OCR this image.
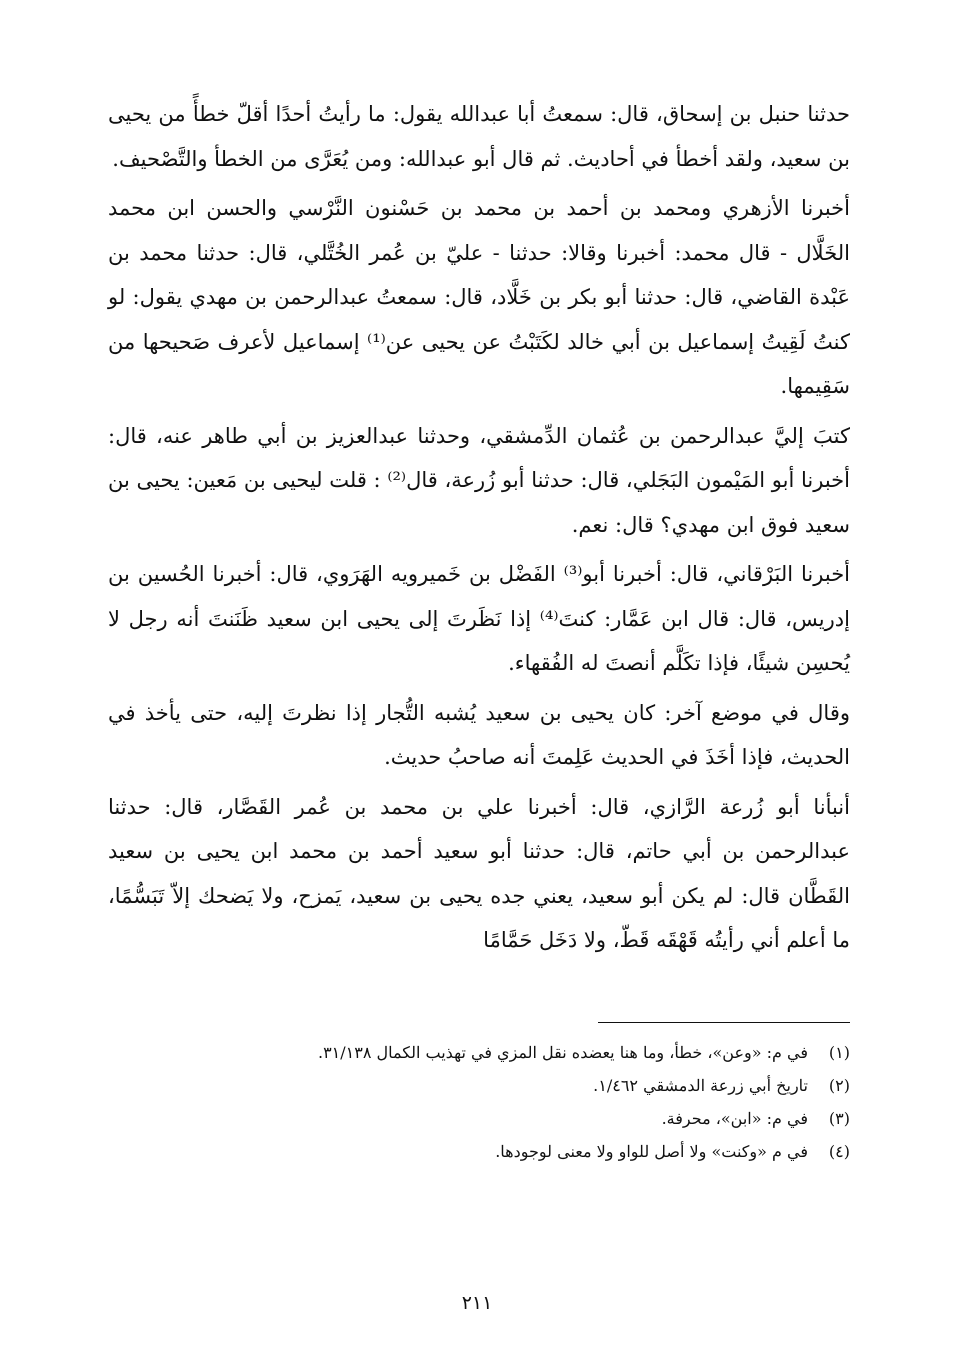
حدثنا حنبل بن إسحاق، قال: سمعتُ أبا عبدالله يقول: ما رأيتُ أحدًا أقلّ خطأً من يحيى بن سعيد، ولقد أخطأ في أحاديث. ثم قال أبو عبدالله: ومن يُعَرَّى من الخطأ والتَّصْحيف.

أخبرنا الأزهري ومحمد بن أحمد بن محمد بن حَسْنون النَّرْسي والحسن ابن محمد الخَلَّال - قال محمد: أخبرنا وقالا: حدثنا - عليّ بن عُمر الخُتَّلي، قال: حدثنا محمد بن عَبْدة القاضي، قال: حدثنا أبو بكر بن خَلَّاد، قال: سمعتُ عبدالرحمن بن مهدي يقول: لو كنتُ لَقِيتُ إسماعيل بن أبي خالد لكَتَبْتُ عن يحيى عن⁽¹⁾ إسماعيل لأعرف صَحيحها من سَقِيمها.

كتبَ إليَّ عبدالرحمن بن عُثمان الدِّمشقي، وحدثنا عبدالعزيز بن أبي طاهر عنه، قال: أخبرنا أبو المَيْمون البَجَلي، قال: حدثنا أبو زُرعة، قال⁽²⁾ : قلت ليحيى بن مَعين: يحيى بن سعيد فوق ابن مهدي؟ قال: نعم.

أخبرنا البَرْقاني، قال: أخبرنا أبو⁽³⁾ الفَضْل بن خَميرويه الهَرَوي، قال: أخبرنا الحُسين بن إدريس، قال: قال ابن عَمَّار: كنتَ⁽⁴⁾ إذا نَظَرتَ إلى يحيى ابن سعيد ظَنَنتَ أنه رجل لا يُحسِن شيئًا، فإذا تكَلَّم أنصتَ له الفُقهاء.

وقال في موضع آخر: كان يحيى بن سعيد يُشبه التُّجار إذا نظرتَ إليه، حتى يأخذ في الحديث، فإذا أخَذَ في الحديث عَلِمتَ أنه صاحبُ حديث.

أنبأنا أبو زُرعة الرَّازي، قال: أخبرنا علي بن محمد بن عُمر القَصَّار، قال: حدثنا عبدالرحمن بن أبي حاتم، قال: حدثنا أبو سعيد أحمد بن محمد ابن يحيى بن سعيد القَطَّان قال: لم يكن أبو سعيد، يعني جده يحيى بن سعيد، يَمزح، ولا يَضحك إلاّ تَبَسُّمًا، ما أعلم أني رأيتُه قَهْقَه قَطّ، ولا دَخَل حَمَّامًا

(١)في م: «وعن»، خطأ، وما هنا يعضده نقل المزي في تهذيب الكمال ٣١/١٣٨.
(٢)تاريخ أبي زرعة الدمشقي ١/٤٦٢.
(٣)في م: «ابن»، محرفة.
(٤)في م «وكنت» ولا أصل للواو ولا معنى لوجودها.
٢١١
